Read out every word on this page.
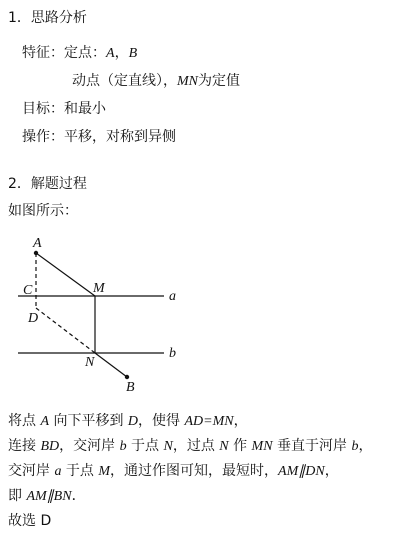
1．思路分析
特征：定点：A，B
动点（定直线），MN为定值
目标：和最小
操作：平移，对称到异侧
2．解题过程
如图所示：
A
C
D
M
N
B
a
b
将点 A 向下平移到 D，使得 AD=MN，
连接 BD，交河岸 b 于点 N，过点 N 作 MN 垂直于河岸 b，
交河岸 a 于点 M，通过作图可知，最短时，AM∥DN，
即 AM∥BN．
故选 D
